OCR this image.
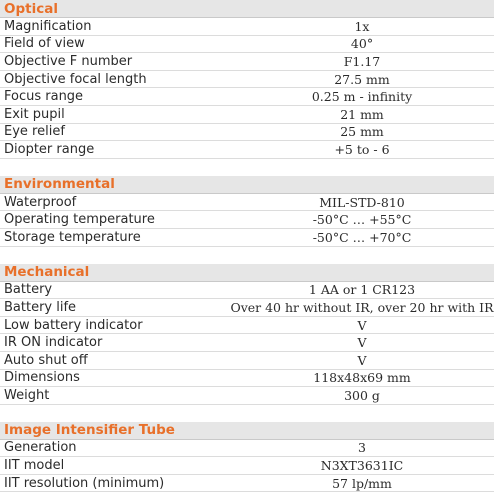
Optical
Magnification	1x
Field of view	40°
Objective F number	F1.17
Objective focal length	27.5 mm
Focus range	0.25 m - infinity
Exit pupil	21 mm
Eye relief	25 mm
Diopter range	+5 to - 6
Environmental
Waterproof	MIL-STD-810
Operating temperature	-50°C … +55°C
Storage temperature	-50°C … +70°C
Mechanical
Battery	1 AA or 1 CR123
Battery life	Over 40 hr without IR, over 20 hr with IR
Low battery indicator	V
IR ON indicator	V
Auto shut off	V
Dimensions	118x48x69 mm
Weight	300 g
Image Intensifier Tube
Generation	3
IIT model	N3XT3631IC
IIT resolution (minimum)	57 lp/mm
